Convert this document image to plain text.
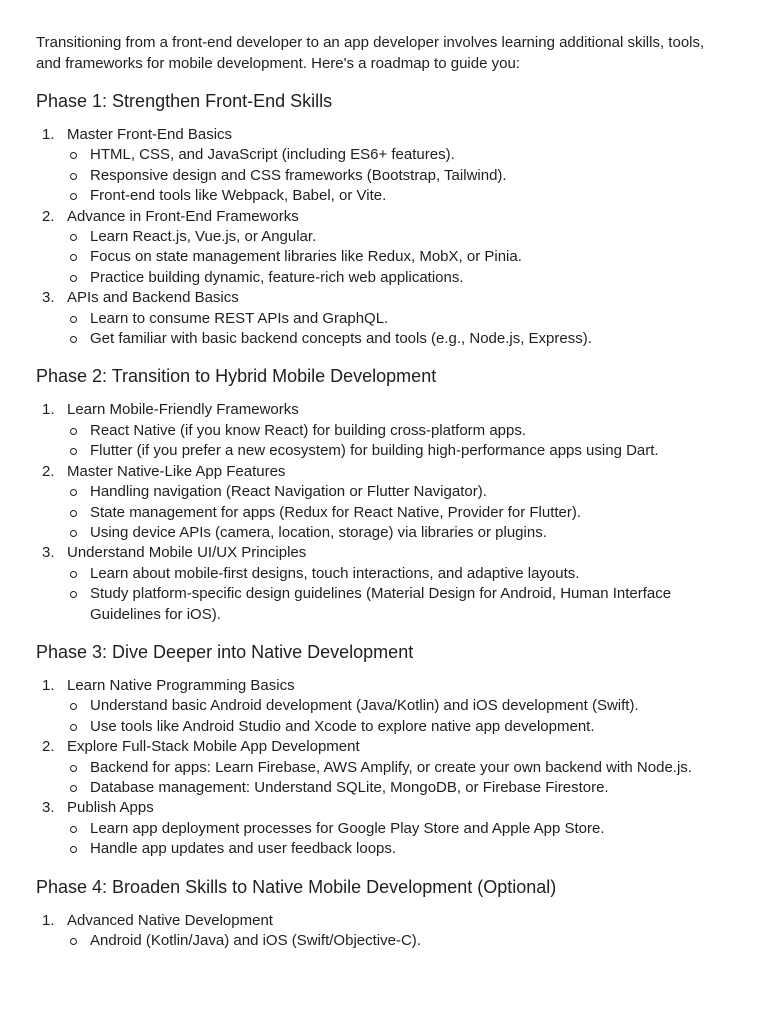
Transitioning from a front-end developer to an app developer involves learning additional skills, tools, and frameworks for mobile development. Here's a roadmap to guide you:

Phase 1: Strengthen Front-End Skills
1. Master Front-End Basics
HTML, CSS, and JavaScript (including ES6+ features).
Responsive design and CSS frameworks (Bootstrap, Tailwind).
Front-end tools like Webpack, Babel, or Vite.
2. Advance in Front-End Frameworks
Learn React.js, Vue.js, or Angular.
Focus on state management libraries like Redux, MobX, or Pinia.
Practice building dynamic, feature-rich web applications.
3. APIs and Backend Basics
Learn to consume REST APIs and GraphQL.
Get familiar with basic backend concepts and tools (e.g., Node.js, Express).
Phase 2: Transition to Hybrid Mobile Development
1. Learn Mobile-Friendly Frameworks
React Native (if you know React) for building cross-platform apps.
Flutter (if you prefer a new ecosystem) for building high-performance apps using Dart.
2. Master Native-Like App Features
Handling navigation (React Navigation or Flutter Navigator).
State management for apps (Redux for React Native, Provider for Flutter).
Using device APIs (camera, location, storage) via libraries or plugins.
3. Understand Mobile UI/UX Principles
Learn about mobile-first designs, touch interactions, and adaptive layouts.
Study platform-specific design guidelines (Material Design for Android, Human Interface Guidelines for iOS).
Phase 3: Dive Deeper into Native Development
1. Learn Native Programming Basics
Understand basic Android development (Java/Kotlin) and iOS development (Swift).
Use tools like Android Studio and Xcode to explore native app development.
2. Explore Full-Stack Mobile App Development
Backend for apps: Learn Firebase, AWS Amplify, or create your own backend with Node.js.
Database management: Understand SQLite, MongoDB, or Firebase Firestore.
3. Publish Apps
Learn app deployment processes for Google Play Store and Apple App Store.
Handle app updates and user feedback loops.
Phase 4: Broaden Skills to Native Mobile Development (Optional)
1. Advanced Native Development
Android (Kotlin/Java) and iOS (Swift/Objective-C).
